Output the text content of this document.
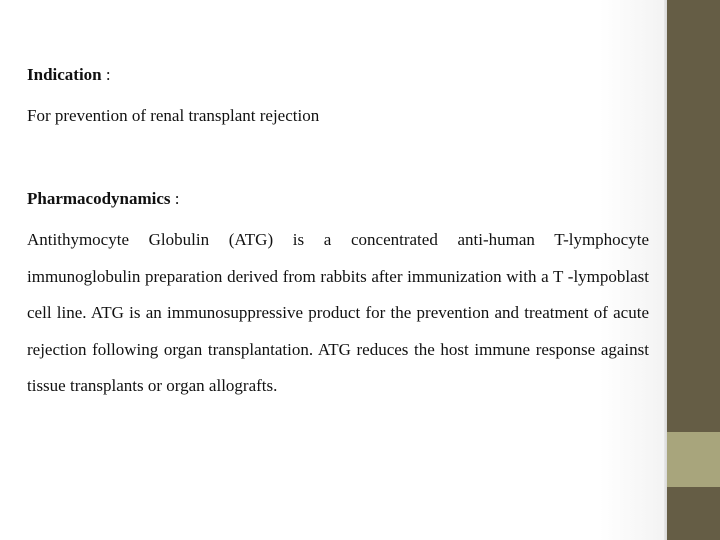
Indication :
For prevention of renal transplant rejection
Pharmacodynamics :
Antithymocyte Globulin (ATG) is a concentrated anti-human T-lymphocyte immunoglobulin preparation derived from rabbits after immunization with a T -lympoblast cell line. ATG is an immunosuppressive product for the prevention and treatment of acute rejection following organ transplantation. ATG reduces the host immune response against tissue transplants or organ allografts.
